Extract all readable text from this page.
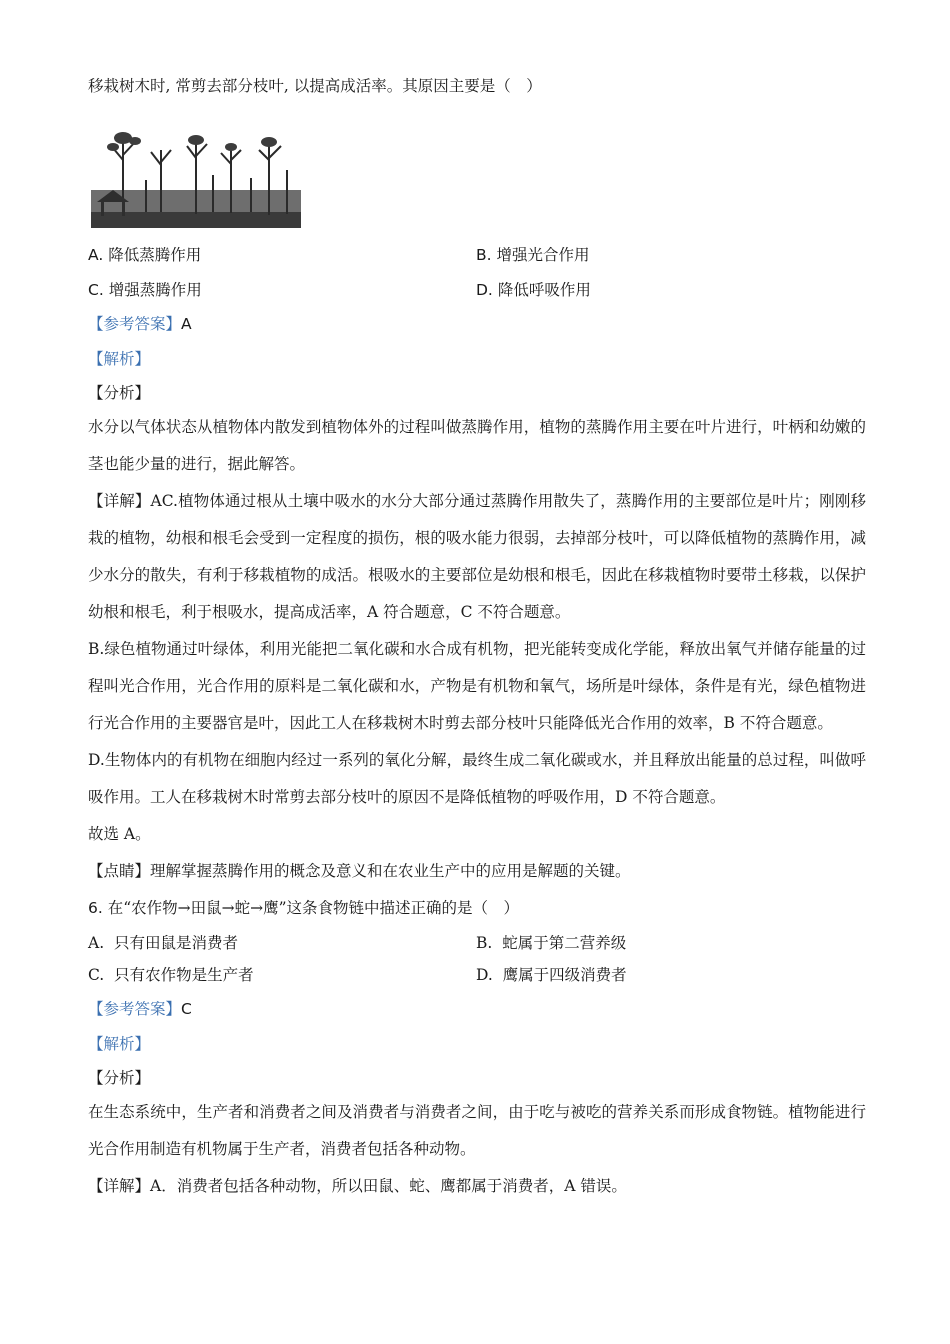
移栽树木时, 常剪去部分枝叶, 以提高成活率。其原因主要是（　）
A. 降低蒸腾作用	B. 增强光合作用
C. 增强蒸腾作用	D. 降低呼吸作用
【参考答案】A
【解析】
【分析】
水分以气体状态从植物体内散发到植物体外的过程叫做蒸腾作用，植物的蒸腾作用主要在叶片进行，叶柄和幼嫩的茎也能少量的进行，据此解答。
【详解】AC.植物体通过根从土壤中吸水的水分大部分通过蒸腾作用散失了，蒸腾作用的主要部位是叶片；刚刚移栽的植物，幼根和根毛会受到一定程度的损伤，根的吸水能力很弱，去掉部分枝叶，可以降低植物的蒸腾作用，减少水分的散失，有利于移栽植物的成活。根吸水的主要部位是幼根和根毛，因此在移栽植物时要带土移栽，以保护幼根和根毛，利于根吸水，提高成活率，A 符合题意，C 不符合题意。
B.绿色植物通过叶绿体，利用光能把二氧化碳和水合成有机物，把光能转变成化学能，释放出氧气并储存能量的过程叫光合作用，光合作用的原料是二氧化碳和水，产物是有机物和氧气，场所是叶绿体，条件是有光，绿色植物进行光合作用的主要器官是叶，因此工人在移栽树木时剪去部分枝叶只能降低光合作用的效率，B 不符合题意。
D.生物体内的有机物在细胞内经过一系列的氧化分解，最终生成二氧化碳或水，并且释放出能量的总过程，叫做呼吸作用。工人在移栽树木时常剪去部分枝叶的原因不是降低植物的呼吸作用，D 不符合题意。
故选 A。
【点睛】理解掌握蒸腾作用的概念及意义和在农业生产中的应用是解题的关键。
6. 在“农作物→田鼠→蛇→鹰”这条食物链中描述正确的是（　）
A. 只有田鼠是消费者	B. 蛇属于第二营养级
C. 只有农作物是生产者	D. 鹰属于四级消费者
【参考答案】C
【解析】
【分析】
在生态系统中，生产者和消费者之间及消费者与消费者之间，由于吃与被吃的营养关系而形成食物链。植物能进行光合作用制造有机物属于生产者，消费者包括各种动物。
【详解】A．消费者包括各种动物，所以田鼠、蛇、鹰都属于消费者，A 错误。
